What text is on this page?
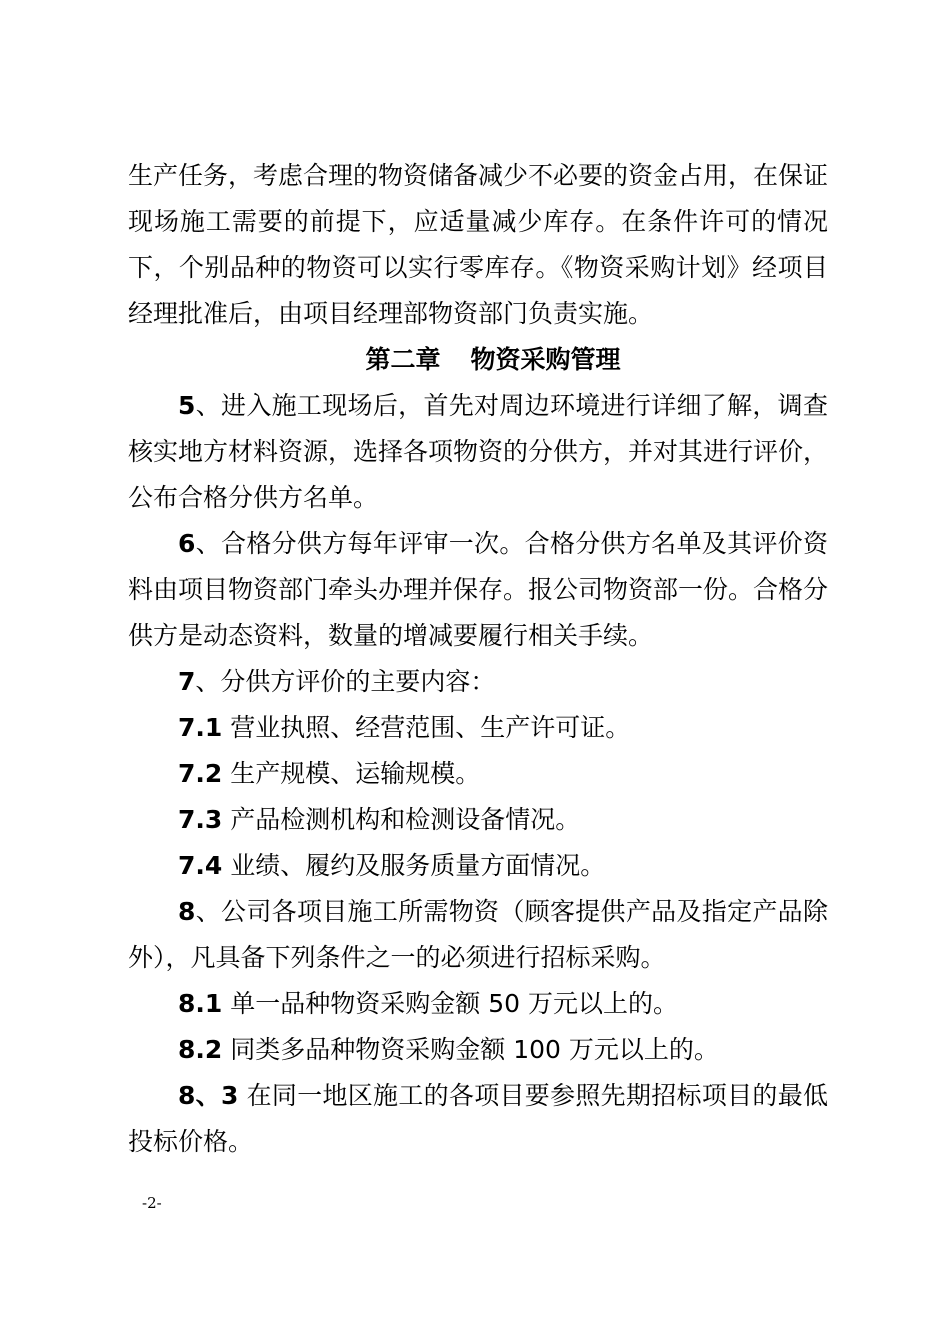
生产任务，考虑合理的物资储备减少不必要的资金占用，在保证现场施工需要的前提下，应适量减少库存。在条件许可的情况下，个别品种的物资可以实行零库存。《物资采购计划》经项目经理批准后，由项目经理部物资部门负责实施。

第二章 物资采购管理

5、进入施工现场后，首先对周边环境进行详细了解，调查核实地方材料资源，选择各项物资的分供方，并对其进行评价，公布合格分供方名单。

6、合格分供方每年评审一次。合格分供方名单及其评价资料由项目物资部门牵头办理并保存。报公司物资部一份。合格分供方是动态资料，数量的增减要履行相关手续。

7、分供方评价的主要内容：

7.1 营业执照、经营范围、生产许可证。

7.2 生产规模、运输规模。

7.3 产品检测机构和检测设备情况。

7.4 业绩、履约及服务质量方面情况。

8、公司各项目施工所需物资（顾客提供产品及指定产品除外），凡具备下列条件之一的必须进行招标采购。

8.1 单一品种物资采购金额 50 万元以上的。

8.2 同类多品种物资采购金额 100 万元以上的。

8、3 在同一地区施工的各项目要参照先期招标项目的最低投标价格。

-2-
